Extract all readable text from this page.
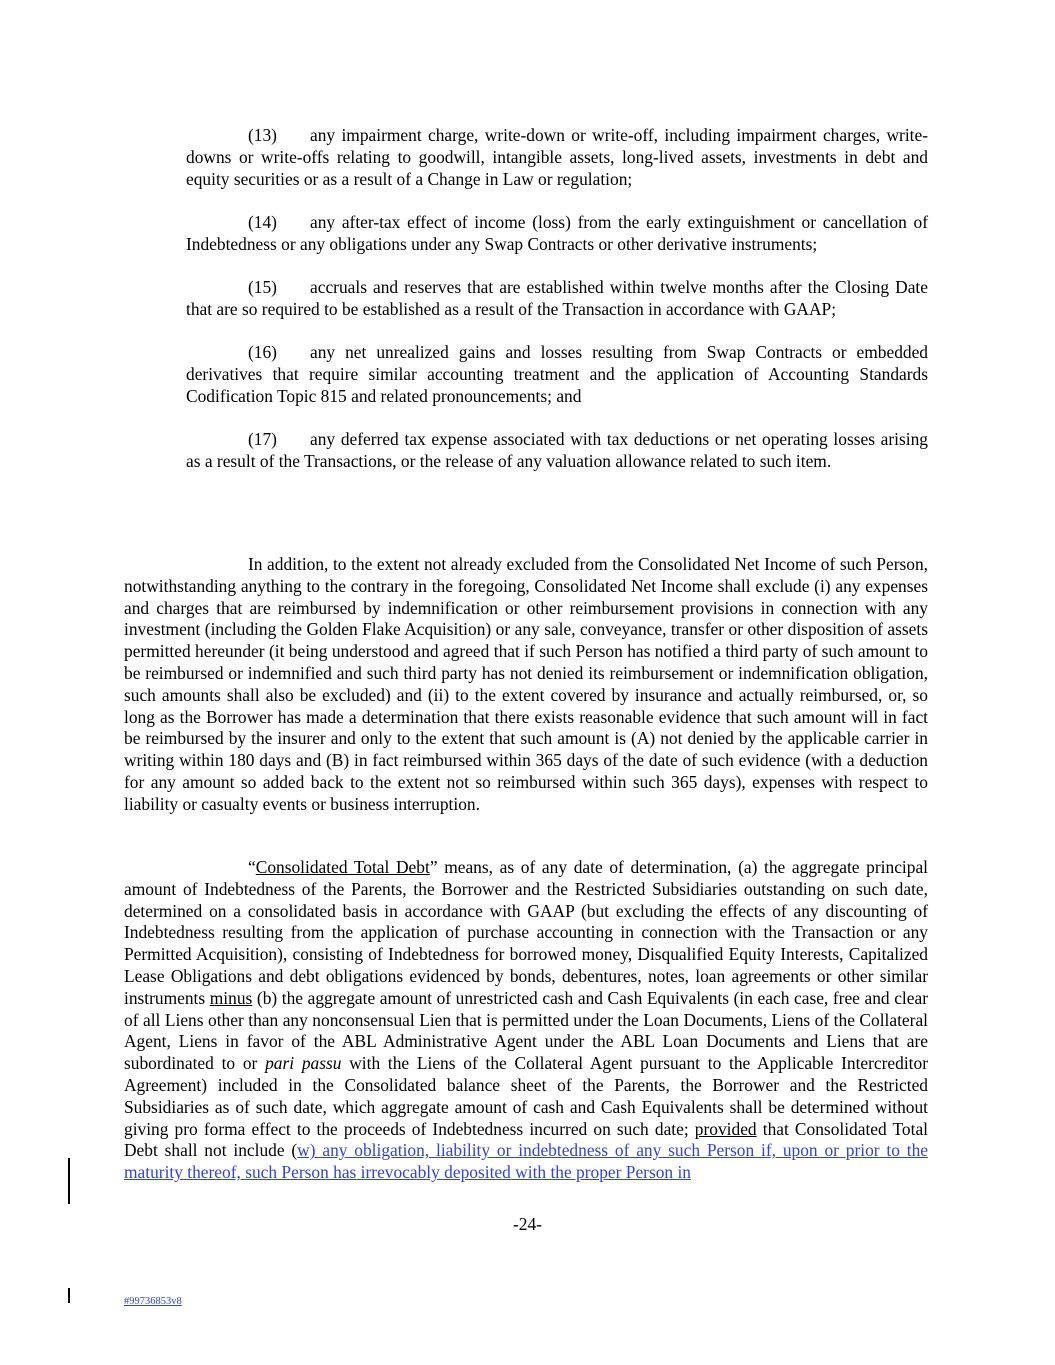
(13) any impairment charge, write-down or write-off, including impairment charges, write-downs or write-offs relating to goodwill, intangible assets, long-lived assets, investments in debt and equity securities or as a result of a Change in Law or regulation;
(14) any after-tax effect of income (loss) from the early extinguishment or cancellation of Indebtedness or any obligations under any Swap Contracts or other derivative instruments;
(15) accruals and reserves that are established within twelve months after the Closing Date that are so required to be established as a result of the Transaction in accordance with GAAP;
(16) any net unrealized gains and losses resulting from Swap Contracts or embedded derivatives that require similar accounting treatment and the application of Accounting Standards Codification Topic 815 and related pronouncements; and
(17) any deferred tax expense associated with tax deductions or net operating losses arising as a result of the Transactions, or the release of any valuation allowance related to such item.
In addition, to the extent not already excluded from the Consolidated Net Income of such Person, notwithstanding anything to the contrary in the foregoing, Consolidated Net Income shall exclude (i) any expenses and charges that are reimbursed by indemnification or other reimbursement provisions in connection with any investment (including the Golden Flake Acquisition) or any sale, conveyance, transfer or other disposition of assets permitted hereunder (it being understood and agreed that if such Person has notified a third party of such amount to be reimbursed or indemnified and such third party has not denied its reimbursement or indemnification obligation, such amounts shall also be excluded) and (ii) to the extent covered by insurance and actually reimbursed, or, so long as the Borrower has made a determination that there exists reasonable evidence that such amount will in fact be reimbursed by the insurer and only to the extent that such amount is (A) not denied by the applicable carrier in writing within 180 days and (B) in fact reimbursed within 365 days of the date of such evidence (with a deduction for any amount so added back to the extent not so reimbursed within such 365 days), expenses with respect to liability or casualty events or business interruption.
“Consolidated Total Debt” means, as of any date of determination, (a) the aggregate principal amount of Indebtedness of the Parents, the Borrower and the Restricted Subsidiaries outstanding on such date, determined on a consolidated basis in accordance with GAAP (but excluding the effects of any discounting of Indebtedness resulting from the application of purchase accounting in connection with the Transaction or any Permitted Acquisition), consisting of Indebtedness for borrowed money, Disqualified Equity Interests, Capitalized Lease Obligations and debt obligations evidenced by bonds, debentures, notes, loan agreements or other similar instruments minus (b) the aggregate amount of unrestricted cash and Cash Equivalents (in each case, free and clear of all Liens other than any nonconsensual Lien that is permitted under the Loan Documents, Liens of the Collateral Agent, Liens in favor of the ABL Administrative Agent under the ABL Loan Documents and Liens that are subordinated to or pari passu with the Liens of the Collateral Agent pursuant to the Applicable Intercreditor Agreement) included in the Consolidated balance sheet of the Parents, the Borrower and the Restricted Subsidiaries as of such date, which aggregate amount of cash and Cash Equivalents shall be determined without giving pro forma effect to the proceeds of Indebtedness incurred on such date; provided that Consolidated Total Debt shall not include (w) any obligation, liability or indebtedness of any such Person if, upon or prior to the maturity thereof, such Person has irrevocably deposited with the proper Person in
-24-
#99736853v8
